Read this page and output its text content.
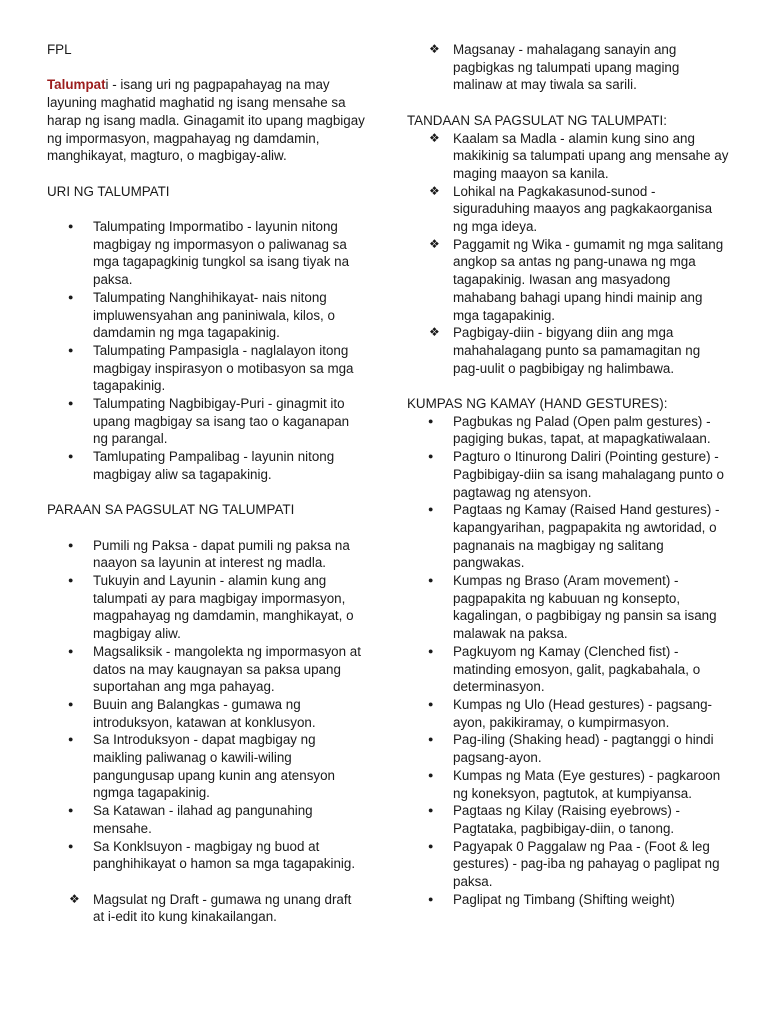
FPL

Talumpati - isang uri ng pagpapahayag na may layuning maghatid maghatid ng isang mensahe sa harap ng isang madla. Ginagamit ito upang magbigay ng impormasyon, magpahayag ng damdamin, manghikayat, magturo, o magbigay-aliw.

URI NG TALUMPATI

● Talumpating Impormatibo - layunin nitong magbigay ng impormasyon o paliwanag sa mga tagapagkinig tungkol sa isang tiyak na paksa.
● Talumpating Nanghihikayat- nais nitong impluwensyahan ang paniniwala, kilos, o damdamin ng mga tagapakinig.
● Talumpating Pampasigla - naglalayon itong magbigay inspirasyon o motibasyon sa mga tagapakinig.
● Talumpating Nagbibigay-Puri - ginagmit ito upang magbigay sa isang tao o kaganapan ng parangal.
● Tamlupating Pampalibag - layunin nitong magbigay aliw sa tagapakinig.

PARAAN SA PAGSULAT NG TALUMPATI

● Pumili ng Paksa - dapat pumili ng paksa na naayon sa layunin at interest ng madla.
● Tukuyin and Layunin - alamin kung ang talumpati ay para magbigay impormasyon, magpahayag ng damdamin, manghikayat, o magbigay aliw.
● Magsaliksik - mangolekta ng impormasyon at datos na may kaugnayan sa paksa upang suportahan ang mga pahayag.
● Buuin ang Balangkas - gumawa ng introduksyon, katawan at konklusyon.
● Sa Introduksyon - dapat magbigay ng maikling paliwanag o kawili-wiling pangungusap upang kunin ang atensyon ngmga tagapakinig.
● Sa Katawan - ilahad ag pangunahing mensahe.
● Sa Konklsuyon - magbigay ng buod at panghihikayat o hamon sa mga tagapakinig.
❖ Magsulat ng Draft - gumawa ng unang draft at i-edit ito kung kinakailangan.
❖ Magsanay - mahalagang sanayin ang pagbigkas ng talumpati upang maging malinaw at may tiwala sa sarili.

TANDAAN SA PAGSULAT NG TALUMPATI:

❖ Kaalam sa Madla - alamin kung sino ang makikinig sa talumpati upang ang mensahe ay maging maayon sa kanila.
❖ Lohikal na Pagkakasunod-sunod - siguraduhing maayos ang pagkakaorganisa ng mga ideya.
❖ Paggamit ng Wika - gumamit ng mga salitang angkop sa antas ng pang-unawa ng mga tagapakinig. Iwasan ang masyadong mahabang bahagi upang hindi mainip ang mga tagapakinig.
❖ Pagbigay-diin - bigyang diin ang mga mahahalagang punto sa pamamagitan ng pag-uulit o pagbibigay ng halimbawa.

KUMPAS NG KAMAY (HAND GESTURES):

● Pagbukas ng Palad (Open palm gestures) - pagiging bukas, tapat, at mapagkatiwalaan.
● Pagturo o Itinurong Daliri (Pointing gesture) - Pagbibigay-diin sa isang mahalagang punto o pagtawag ng atensyon.
● Pagtaas ng Kamay (Raised Hand gestures) - kapangyarihan, pagpapakita ng awtoridad, o pagnanais na magbigay ng salitang pangwakas.
● Kumpas ng Braso (Aram movement) - pagpapakita ng kabuuan ng konsepto, kagalingan, o pagbibigay ng pansin sa isang malawak na paksa.
● Pagkuyom ng Kamay (Clenched fist) - matinding emosyon, galit, pagkabahala, o determinasyon.
● Kumpas ng Ulo (Head gestures) - pagsang-ayon, pakikiramay, o kumpirmasyon.
● Pag-iling (Shaking head) - pagtanggi o hindi pagsang-ayon.
● Kumpas ng Mata (Eye gestures) - pagkaroon ng koneksyon, pagtutok, at kumpiyansa.
● Pagtaas ng Kilay (Raising eyebrows) - Pagtataka, pagbibigay-diin, o tanong.
● Pagyapak 0 Paggalaw ng Paa - (Foot & leg gestures) - pag-iba ng pahayag o paglipat ng paksa.
● Paglipat ng Timbang (Shifting weight)
